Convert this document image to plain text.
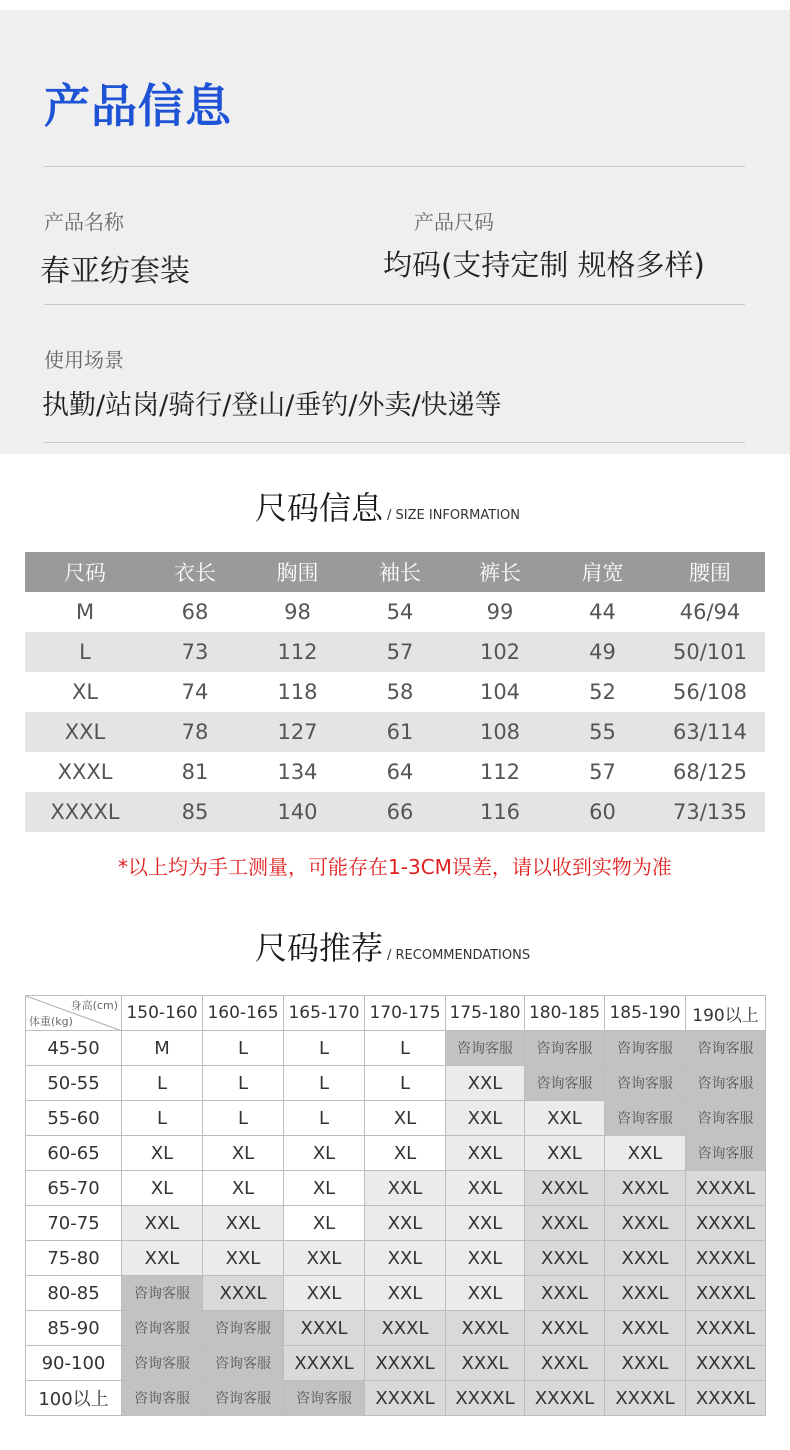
产品信息
产品名称
春亚纺套装
产品尺码
均码(支持定制 规格多样)
使用场景
执勤/站岗/骑行/登山/垂钓/外卖/快递等
尺码信息 / SIZE INFORMATION
尺码	衣长	胸围	袖长	裤长	肩宽	腰围
M	68	98	54	99	44	46/94
L	73	112	57	102	49	50/101
XL	74	118	58	104	52	56/108
XXL	78	127	61	108	55	63/114
XXXL	81	134	64	112	57	68/125
XXXXL	85	140	66	116	60	73/135
*以上均为手工测量，可能存在1-3CM误差，请以收到实物为准
尺码推荐 / RECOMMENDATIONS
身高(cm)
体重(kg)	150-160	160-165	165-170	170-175	175-180	180-185	185-190	190以上
45-50	M	L	L	L	咨询客服	咨询客服	咨询客服	咨询客服
50-55	L	L	L	L	XXL	咨询客服	咨询客服	咨询客服
55-60	L	L	L	XL	XXL	XXL	咨询客服	咨询客服
60-65	XL	XL	XL	XL	XXL	XXL	XXL	咨询客服
65-70	XL	XL	XL	XXL	XXL	XXXL	XXXL	XXXXL
70-75	XXL	XXL	XL	XXL	XXL	XXXL	XXXL	XXXXL
75-80	XXL	XXL	XXL	XXL	XXL	XXXL	XXXL	XXXXL
80-85	咨询客服	XXXL	XXL	XXL	XXL	XXXL	XXXL	XXXXL
85-90	咨询客服	咨询客服	XXXL	XXXL	XXXL	XXXL	XXXL	XXXXL
90-100	咨询客服	咨询客服	XXXXL	XXXXL	XXXL	XXXL	XXXL	XXXXL
100以上	咨询客服	咨询客服	咨询客服	XXXXL	XXXXL	XXXXL	XXXXL	XXXXL
